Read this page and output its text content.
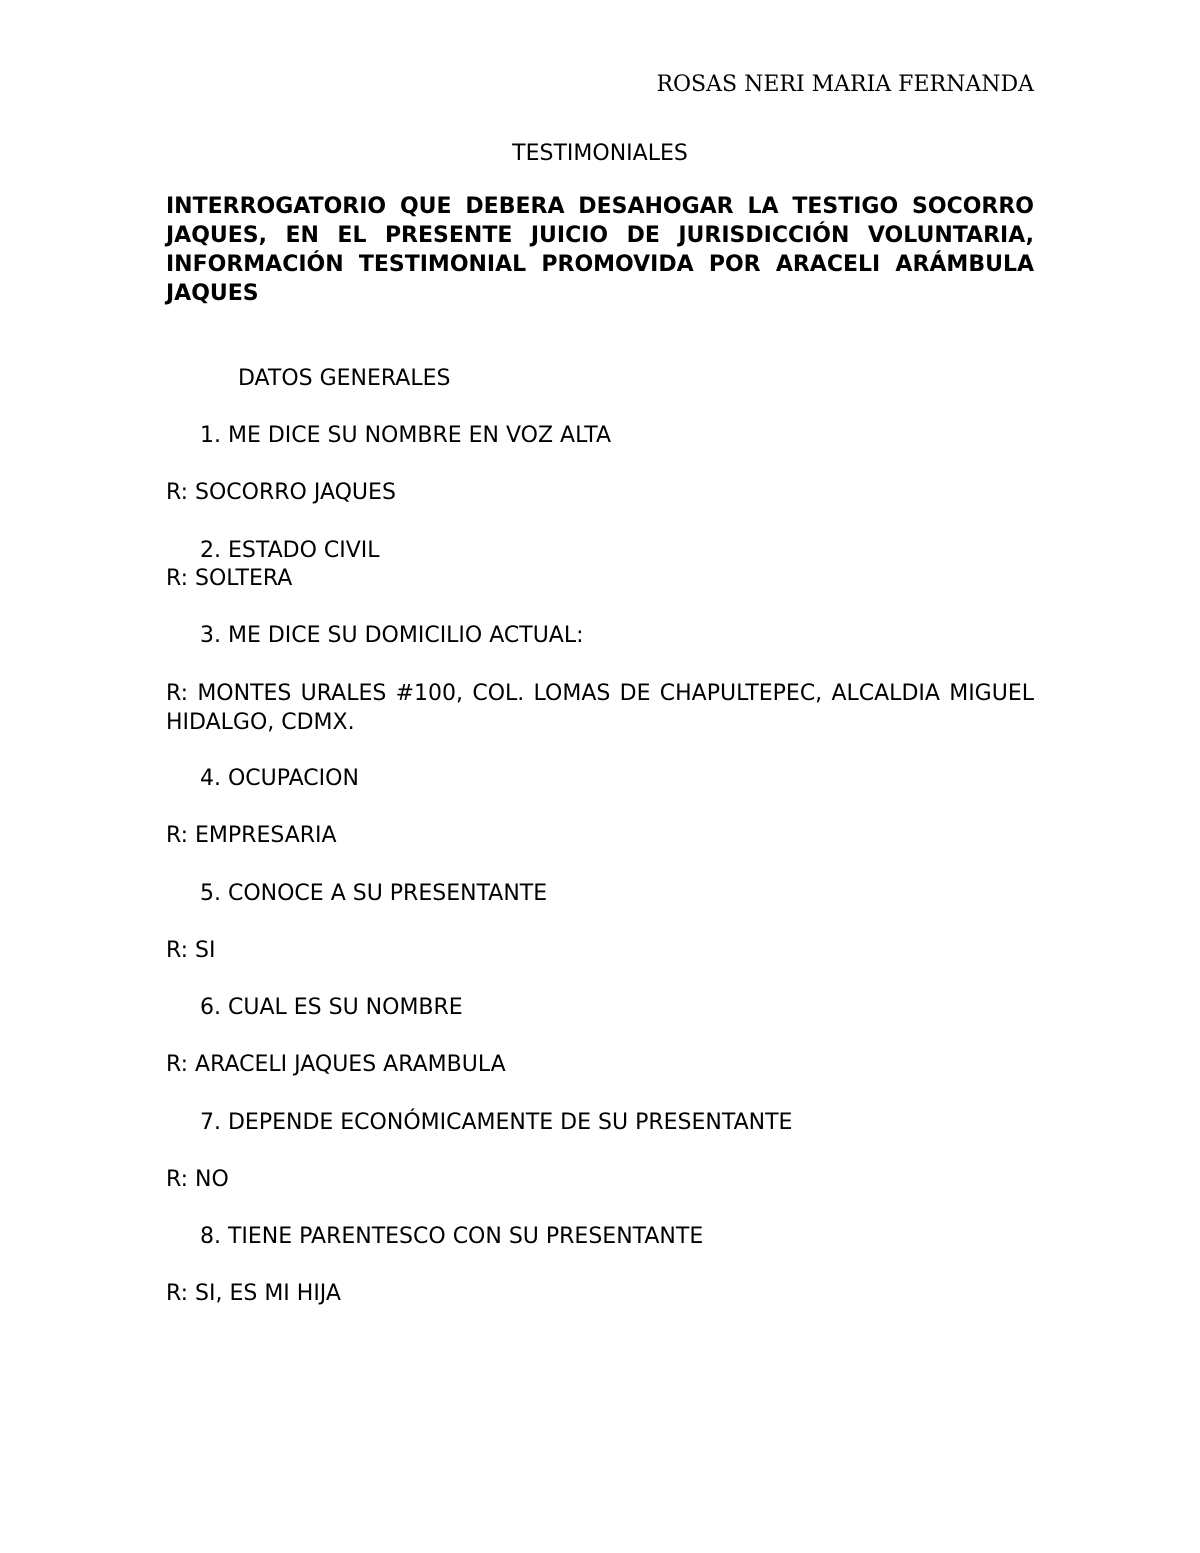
ROSAS NERI MARIA FERNANDA
TESTIMONIALES
INTERROGATORIO QUE DEBERA DESAHOGAR LA TESTIGO SOCORRO JAQUES, EN EL PRESENTE JUICIO DE JURISDICCIÓN VOLUNTARIA, INFORMACIÓN TESTIMONIAL PROMOVIDA POR ARACELI ARÁMBULA JAQUES
DATOS GENERALES
1. ME DICE SU NOMBRE EN VOZ ALTA
R: SOCORRO JAQUES
2. ESTADO CIVIL
R: SOLTERA
3. ME DICE SU DOMICILIO ACTUAL:
R: MONTES URALES #100, COL. LOMAS DE CHAPULTEPEC, ALCALDIA MIGUEL HIDALGO, CDMX.
4. OCUPACION
R: EMPRESARIA
5. CONOCE A SU PRESENTANTE
R: SI
6. CUAL ES SU NOMBRE
R: ARACELI JAQUES ARAMBULA
7. DEPENDE ECONÓMICAMENTE DE SU PRESENTANTE
R: NO
8. TIENE PARENTESCO CON SU PRESENTANTE
R: SI, ES MI HIJA
